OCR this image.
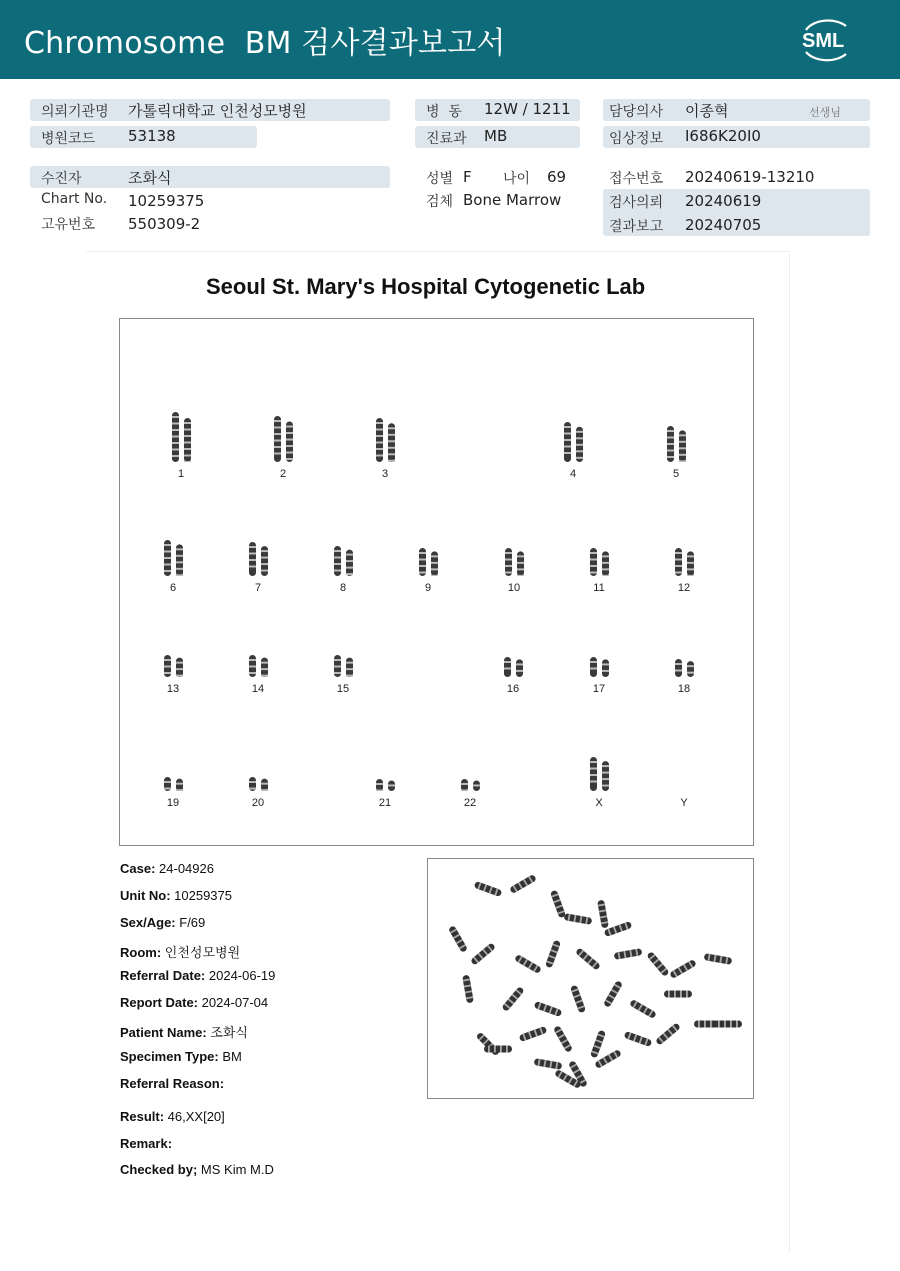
Chromosome  BM 검사결과보고서	SML
의뢰기관명 가톨릭대학교 인천성모병원
병원코드 53138
병  동 12W / 1211
진료과 MB
담당의사 이종혁	선생님
임상정보 I686K20I0
수진자	조화식
Chart No. 10259375
고유번호 550309-2
성별 F 나이 69
검체 Bone Marrow
접수번호 20240619-13210
검사의뢰 20240619
결과보고 20240705
Seoul St. Mary's Hospital Cytogenetic Lab
1	2	3	4	5
6	7	8	9	10	11	12
13	14	15	16	17	18
19	20	21	22	X	Y
Case: 24-04926
Unit No: 10259375
Sex/Age: F/69
Room: 인천성모병원
Referral Date: 2024-06-19
Report Date: 2024-07-04
Patient Name: 조화식
Specimen Type: BM
Referral Reason:
Result: 46,XX[20]
Remark:
Checked by; MS Kim M.D
